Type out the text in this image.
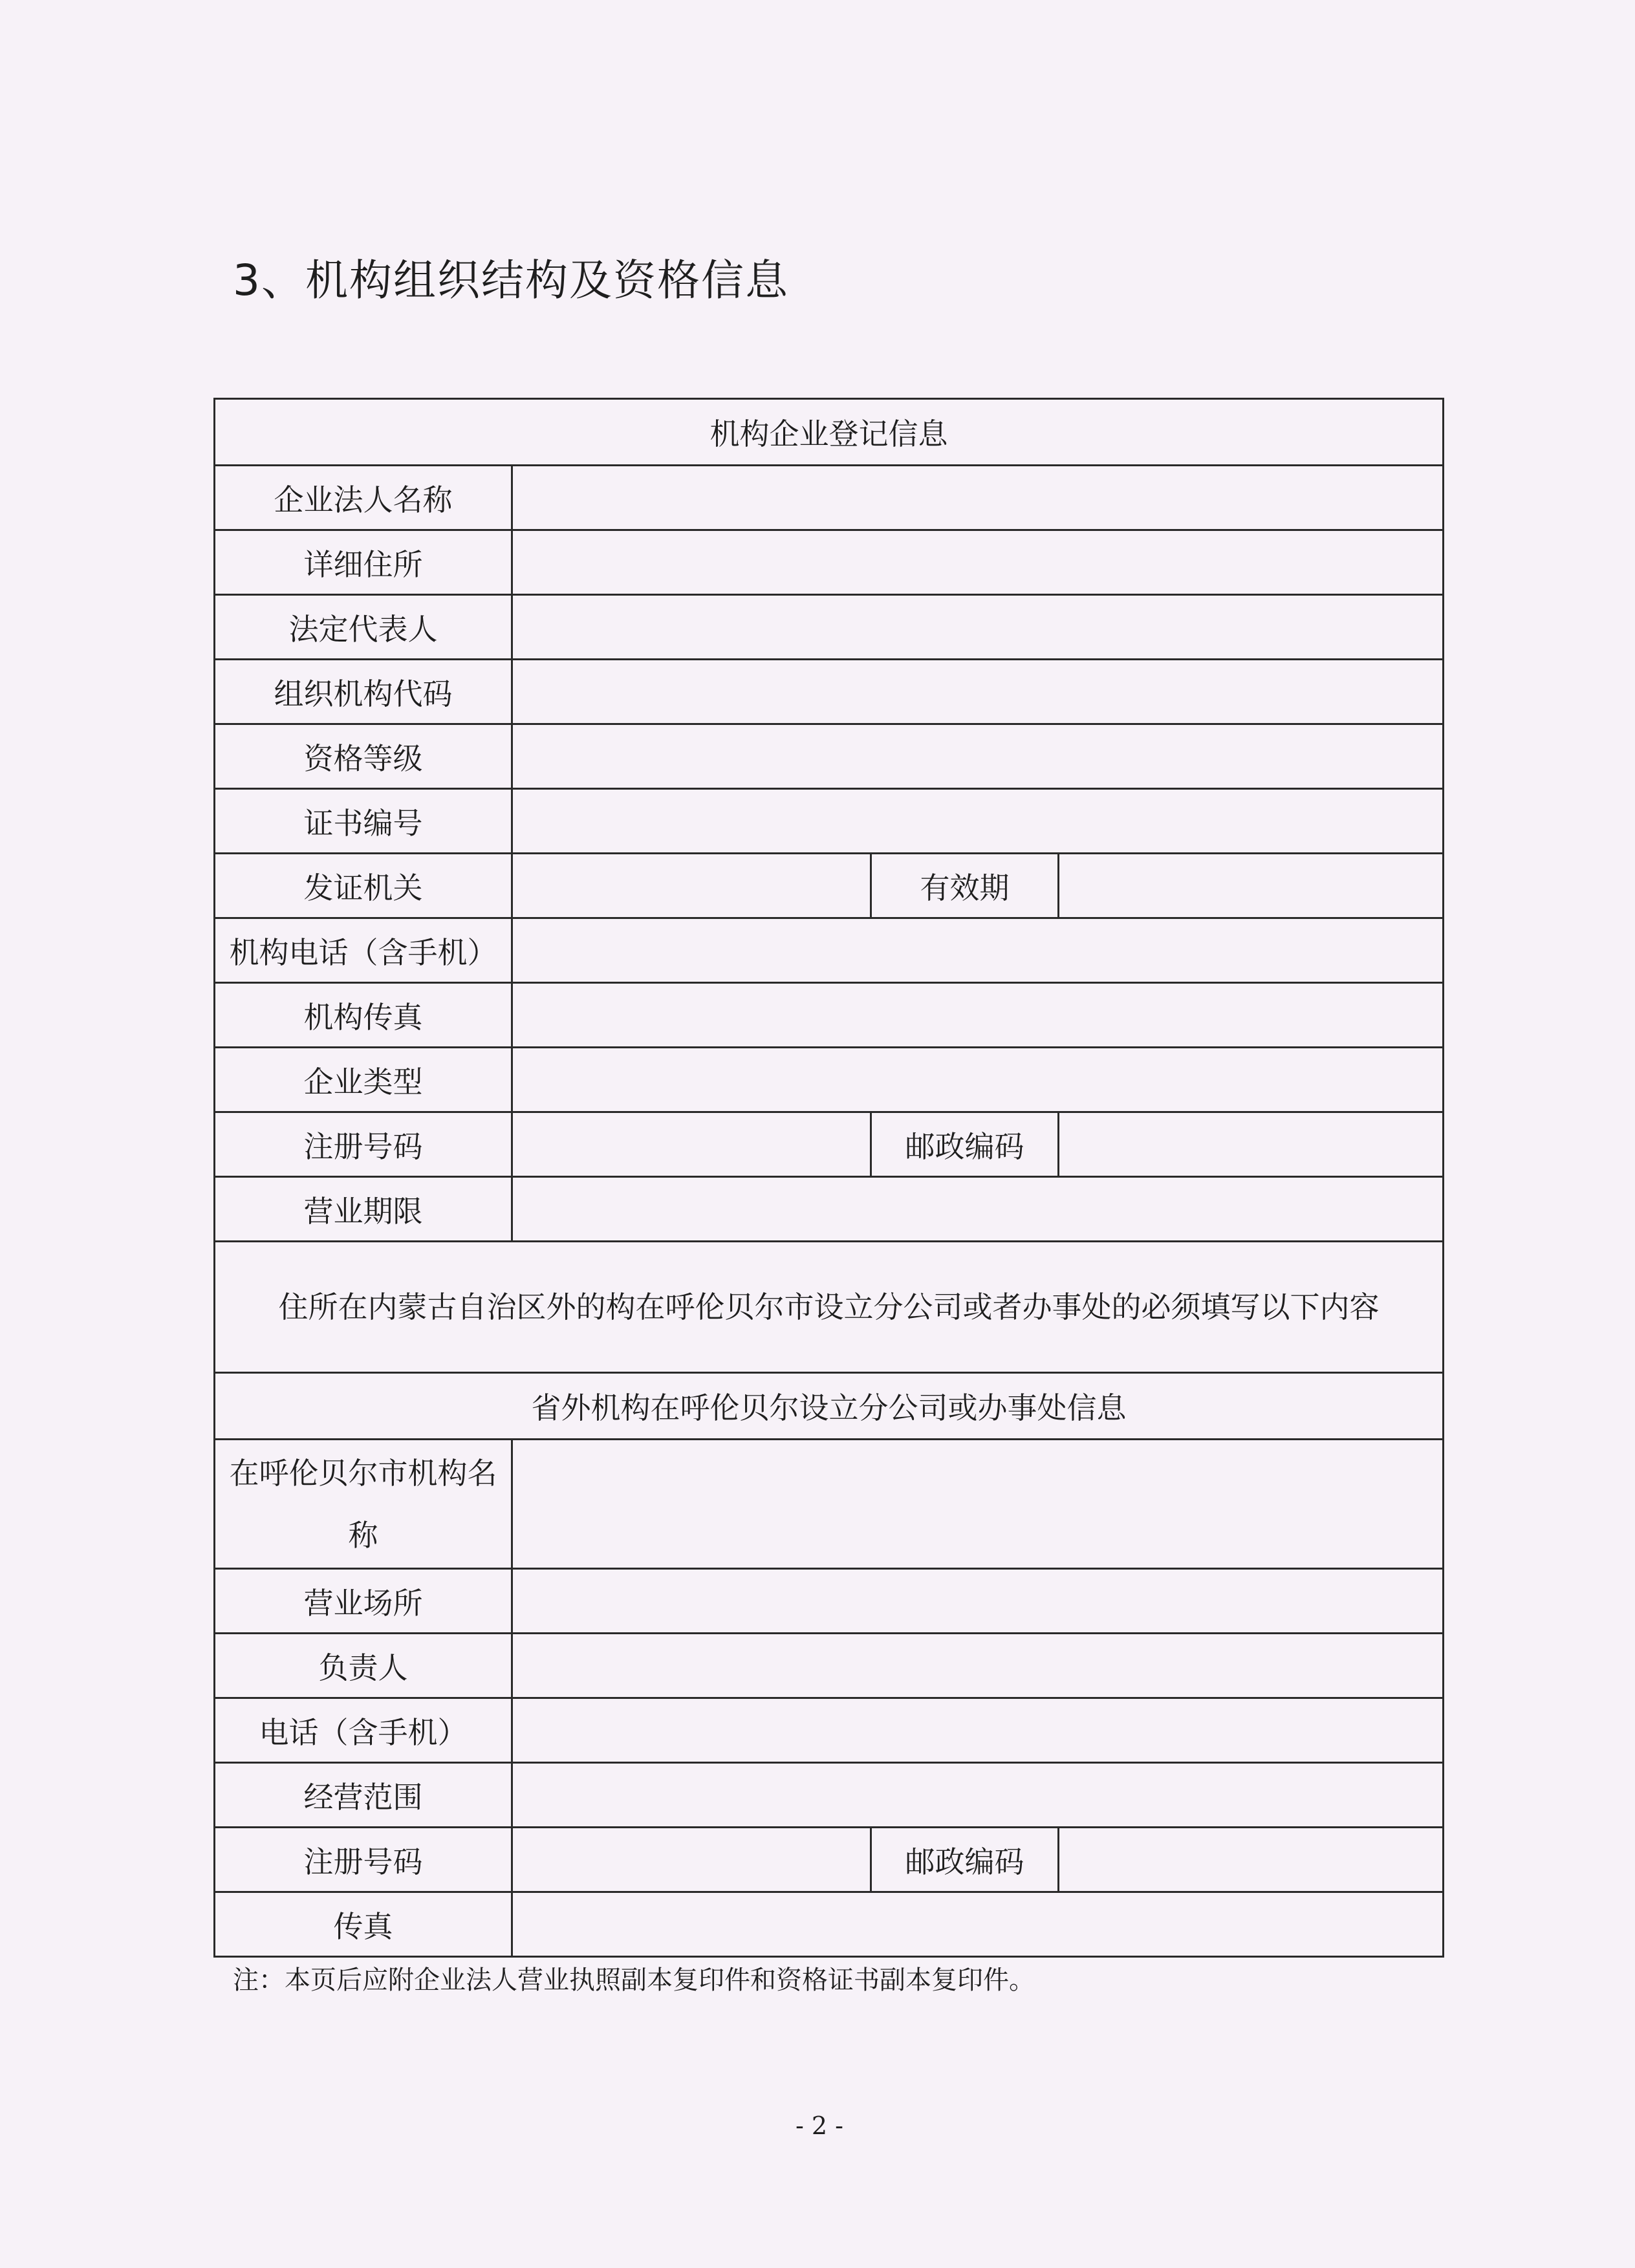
3、机构组织结构及资格信息
机构企业登记信息			
企业法人名称			
详细住所			
法定代表人			
组织机构代码			
资格等级			
证书编号			
发证机关		有效期	
机构电话（含手机）			
机构传真			
企业类型			
注册号码		邮政编码	
营业期限			
住所在内蒙古自治区外的构在呼伦贝尔市设立分公司或者办事处的必须填写以下内容			
省外机构在呼伦贝尔设立分公司或办事处信息			
在呼伦贝尔市机构名称			
营业场所			
负责人			
电话（含手机）			
经营范围			
注册号码		邮政编码	
传真			
注：本页后应附企业法人营业执照副本复印件和资格证书副本复印件。
- 2 -
